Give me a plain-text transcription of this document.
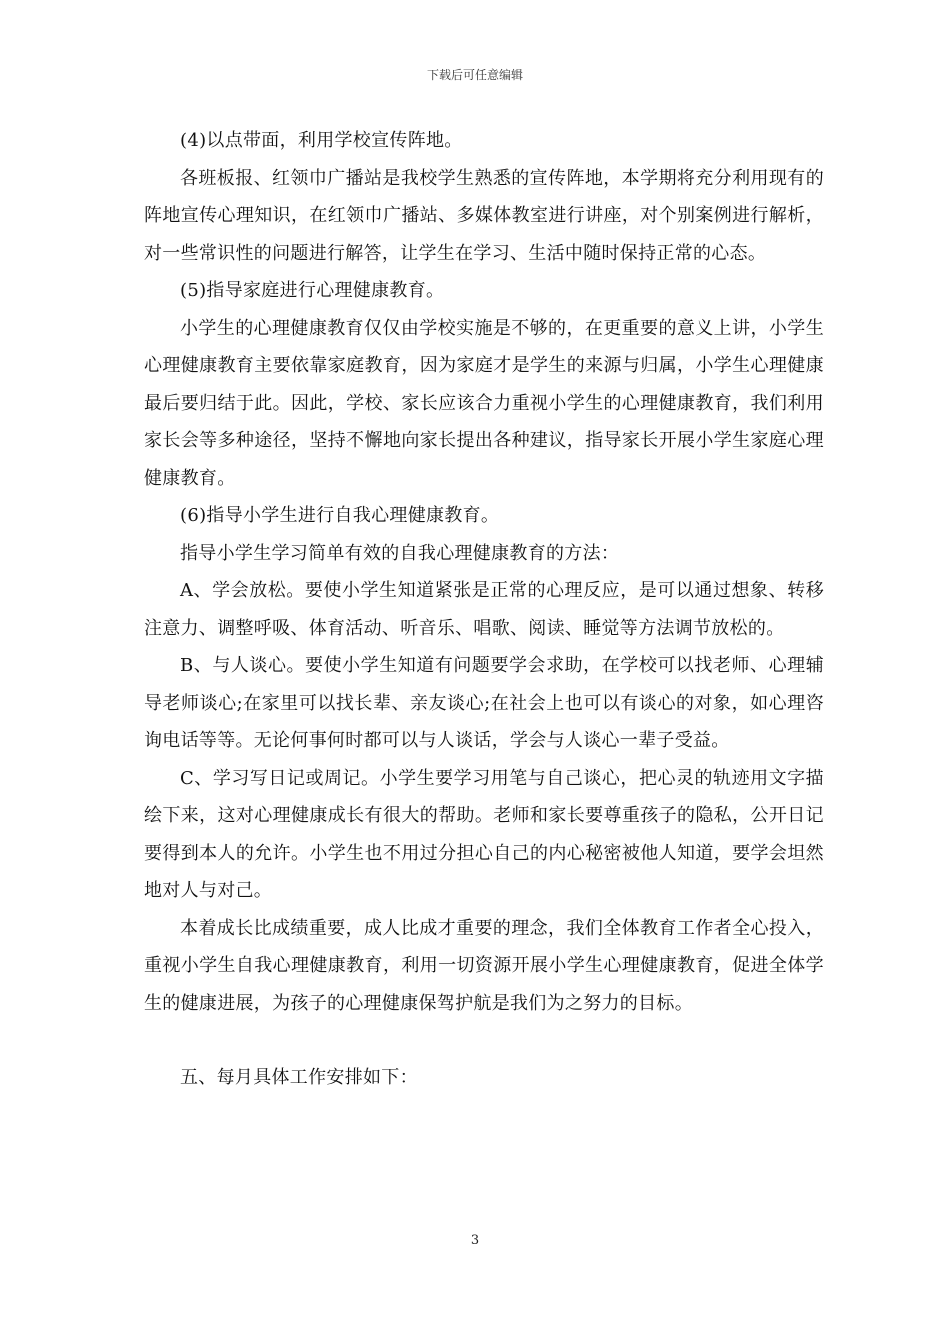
下载后可任意编辑

(4)以点带面，利用学校宣传阵地。

各班板报、红领巾广播站是我校学生熟悉的宣传阵地，本学期将充分利用现有的阵地宣传心理知识，在红领巾广播站、多媒体教室进行讲座，对个别案例进行解析，对一些常识性的问题进行解答，让学生在学习、生活中随时保持正常的心态。

(5)指导家庭进行心理健康教育。

小学生的心理健康教育仅仅由学校实施是不够的，在更重要的意义上讲，小学生心理健康教育主要依靠家庭教育，因为家庭才是学生的来源与归属，小学生心理健康最后要归结于此。因此，学校、家长应该合力重视小学生的心理健康教育，我们利用家长会等多种途径，坚持不懈地向家长提出各种建议，指导家长开展小学生家庭心理健康教育。

(6)指导小学生进行自我心理健康教育。

指导小学生学习简单有效的自我心理健康教育的方法：

A、学会放松。要使小学生知道紧张是正常的心理反应，是可以通过想象、转移注意力、调整呼吸、体育活动、听音乐、唱歌、阅读、睡觉等方法调节放松的。

B、与人谈心。要使小学生知道有问题要学会求助，在学校可以找老师、心理辅导老师谈心;在家里可以找长辈、亲友谈心;在社会上也可以有谈心的对象，如心理咨询电话等等。无论何事何时都可以与人谈话，学会与人谈心一辈子受益。

C、学习写日记或周记。小学生要学习用笔与自己谈心，把心灵的轨迹用文字描绘下来，这对心理健康成长有很大的帮助。老师和家长要尊重孩子的隐私，公开日记要得到本人的允许。小学生也不用过分担心自己的内心秘密被他人知道，要学会坦然地对人与对己。

本着成长比成绩重要，成人比成才重要的理念，我们全体教育工作者全心投入，重视小学生自我心理健康教育，利用一切资源开展小学生心理健康教育，促进全体学生的健康进展，为孩子的心理健康保驾护航是我们为之努力的目标。

五、每月具体工作安排如下：

3
